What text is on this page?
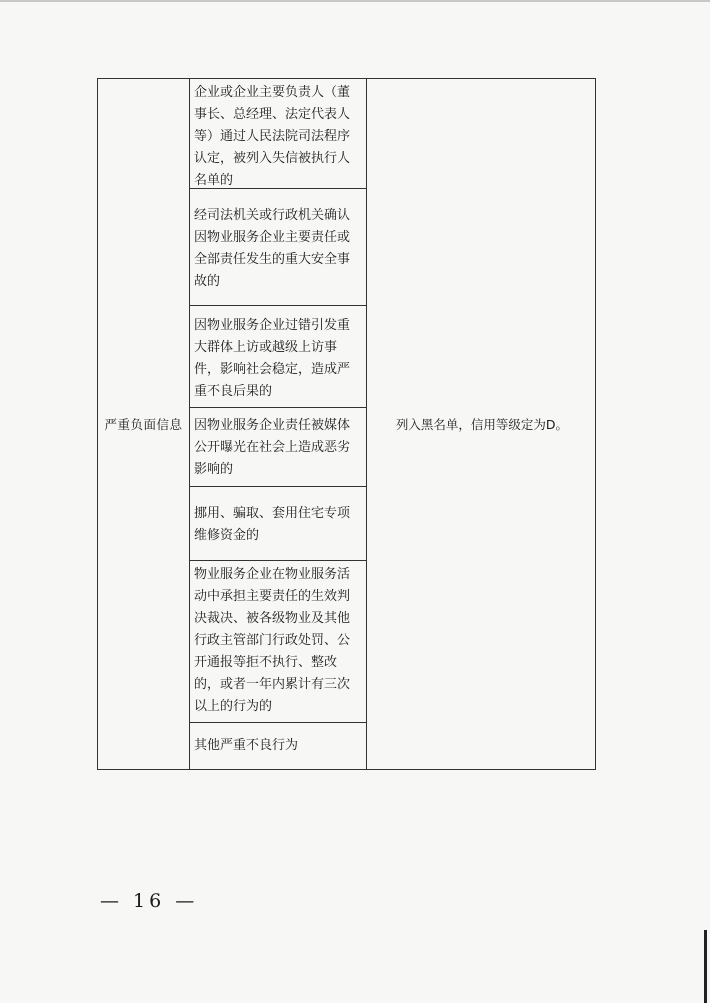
严重负面信息
企业或企业主要负责人（董事长、总经理、法定代表人等）通过人民法院司法程序认定，被列入失信被执行人名单的
经司法机关或行政机关确认因物业服务企业主要责任或全部责任发生的重大安全事故的
因物业服务企业过错引发重大群体上访或越级上访事件，影响社会稳定，造成严重不良后果的
因物业服务企业责任被媒体公开曝光在社会上造成恶劣影响的
挪用、骗取、套用住宅专项维修资金的
物业服务企业在物业服务活动中承担主要责任的生效判决裁决、被各级物业及其他行政主管部门行政处罚、公开通报等拒不执行、整改的，或者一年内累计有三次以上的行为的
其他严重不良行为
列入黑名单，信用等级定为D。
— 16 —
